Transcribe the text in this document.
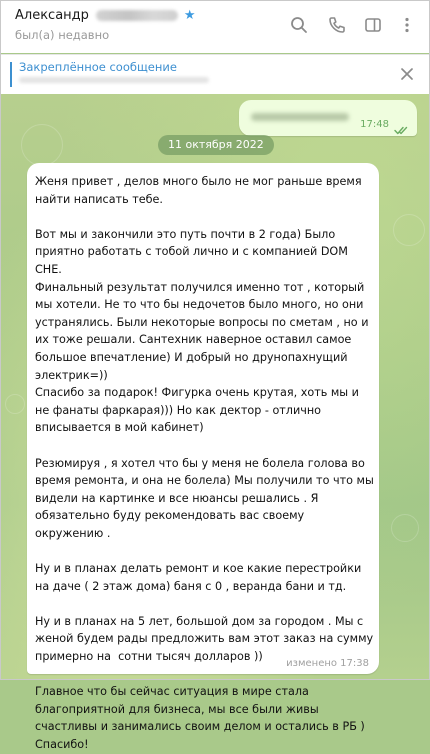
Александр	★
был(а) недавно
Закреплённое сообщение
17:48
11 октября 2022
Женя привет , делов много было не мог раньше время найти написать тебе.

Вот мы и закончили это путь почти в 2 года) Было приятно работать с тобой лично и с компанией DOM CHE.
Финальный результат получился именно тот , который мы хотели. Не то что бы недочетов было много, но они устранялись. Были некоторые вопросы по сметам , но и их тоже решали. Сантехник наверное оставил самое большое впечатление) И добрый но друнопахнущий электрик=))
Спасибо за подарок! Фигурка очень крутая, хоть мы и не фанаты фаркарая))) Но как дектор - отлично вписывается в мой кабинет)

Резюмируя , я хотел что бы у меня не болела голова во время ремонта, и она не болела) Мы получили то что мы видели на картинке и все нюансы решались . Я обязательно буду рекомендовать вас своему окружению .

Ну и в планах делать ремонт и кое какие перестройки на даче ( 2 этаж дома) баня с 0 , веранда бани и тд.

Ну и в планах на 5 лет, большой дом за городом . Мы с женой будем рады предложить вам этот заказ на сумму примерно на  сотни тысяч долларов ))

Главное что бы сейчас ситуация в мире стала благоприятной для бизнеса, мы все были живы счастливы и занимались своим делом и остались в РБ )
Спасибо!
изменено 17:38
